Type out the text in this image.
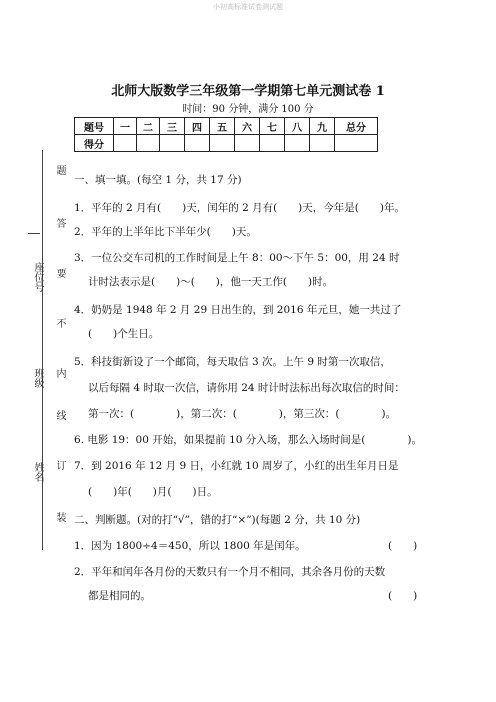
小初高标准试卷测试题
题
答
要
不
内
线
订
装
座位号
班级
姓名
北师大版数学三年级第一学期第七单元测试卷 1
时间：90 分钟，满分 100 分
题号	一	二	三	四	五	六	七	八	九	总分
得分										
一、填一填。(每空 1 分，共 17 分)
1．平年的 2 月有(　　)天，闰年的 2 月有(　　)天，今年是(　　)年。
2．平年的上半年比下半年少(　　)天。
3．一位公交车司机的工作时间是上午 8：00～下午 5：00，用 24 时
计时法表示是(　　)～(　　)，他一天工作(　　)时。
4．奶奶是 1948 年 2 月 29 日出生的，到 2016 年元旦，她一共过了
(　　)个生日。
5．科技街新设了一个邮筒，每天取信 3 次。上午 9 时第一次取信，
以后每隔 4 时取一次信，请你用 24 时计时法标出每次取信的时间：
第一次：(　　　　)，第二次：(　　　　)，第三次：(　　　　)。
6. 电影 19：00 开始，如果提前 10 分入场，那么入场时间是(　　　　)。
7．到 2016 年 12 月 9 日，小红就 10 周岁了，小红的出生年月日是
(　　)年(　　)月(　　)日。
二、判断题。(对的打“√”，错的打“×”)(每题 2 分，共 10 分)
1．因为 1800÷4＝450，所以 1800 年是闰年。	(　　)
2．平年和闰年各月份的天数只有一个月不相同，其余各月份的天数
都是相同的。	(　　)
